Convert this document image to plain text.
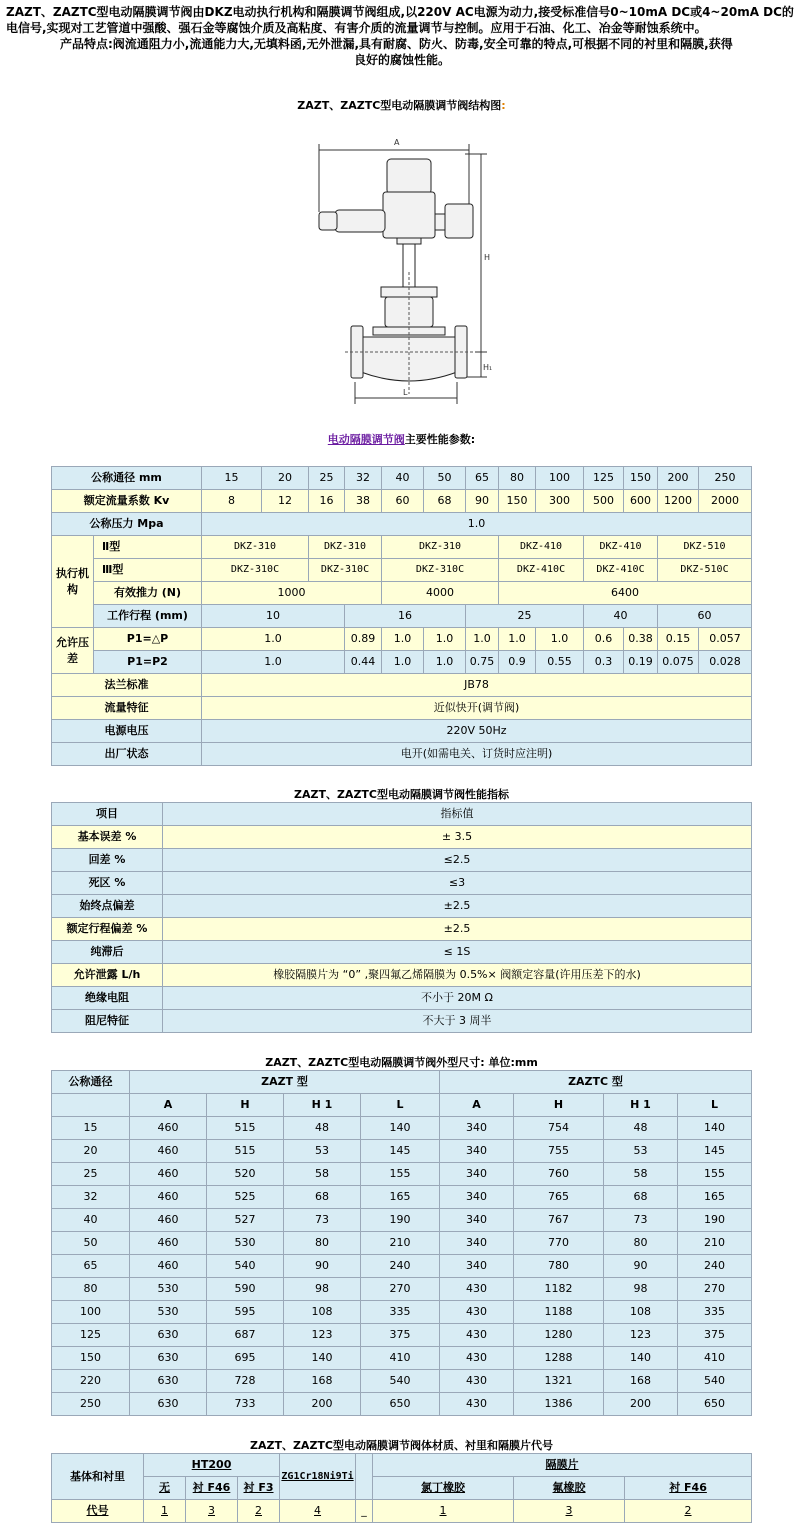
ZAZT、ZAZTC型电动隔膜调节阀由DKZ电动执行机构和隔膜调节阀组成,以220V AC电源为动力,接受标准信号0~10mA DC或4~20mA DC的电信号,实现对工艺管道中强酸、强石金等腐蚀介质及高粘度、有害介质的流量调节与控制。应用于石油、化工、冶金等耐蚀系统中。

产品特点:阀流通阻力小,流通能力大,无填料函,无外泄漏,具有耐腐、防火、防毒,安全可靠的特点,可根据不同的衬里和隔膜,获得

良好的腐蚀性能。

ZAZT、ZAZTC型电动隔膜调节阀结构图:
A
H
H₁
L
电动隔膜调节阀主要性能参数:
公称通径 mm		15	20	25	32	40	50	65	80	100	125	150	200	250
额定流量系数 Kv		8	12	16	38	60	68	90	150	300	500	600	1200	2000
公称压力 Mpa		1.0												
执行机构	Ⅱ型	DKZ-310		DKZ-310		DKZ-310			DKZ-410		DKZ-410		DKZ-510	
	Ⅲ型	DKZ-310C		DKZ-310C		DKZ-310C			DKZ-410C		DKZ-410C		DKZ-510C	
	有效推力 (N)	1000				4000			6400					
	工作行程 (mm)	10			16			25			40		60	
允许压差	P1=△P	1.0			0.89	1.0	1.0	1.0	1.0	1.0	0.6	0.38	0.15	0.057
	P1=P2	1.0			0.44	1.0	1.0	0.75	0.9	0.55	0.3	0.19	0.075	0.028
法兰标准		JB78												
流量特征		近似快开(调节阀)												
电源电压		220V 50Hz												
出厂状态		电开(如需电关、订货时应注明)												
ZAZT、ZAZTC型电动隔膜调节阀性能指标
项目	指标值
基本误差 %	± 3.5
回差 %	≤2.5
死区 %	≤3
始终点偏差	±2.5
额定行程偏差 %	±2.5
纯滞后	≤ 1S
允许泄露 L/h	橡胶隔膜片为 “0” ,聚四氟乙烯隔膜为 0.5%× 阀额定容量(许用压差下的水)
绝缘电阻	不小于 20M Ω
阻尼特征	不大于 3 周半
ZAZT、ZAZTC型电动隔膜调节阀外型尺寸: 单位:mm
公称通径	ZAZT 型				ZAZTC 型			
	A	H	H 1	L	A	H	H 1	L
15	460	515	48	140	340	754	48	140
20	460	515	53	145	340	755	53	145
25	460	520	58	155	340	760	58	155
32	460	525	68	165	340	765	68	165
40	460	527	73	190	340	767	73	190
50	460	530	80	210	340	770	80	210
65	460	540	90	240	340	780	90	240
80	530	590	98	270	430	1182	98	270
100	530	595	108	335	430	1188	108	335
125	630	687	123	375	430	1280	123	375
150	630	695	140	410	430	1288	140	410
220	630	728	168	540	430	1321	168	540
250	630	733	200	650	430	1386	200	650
ZAZT、ZAZTC型电动隔膜调节阀体材质、衬里和隔膜片代号
基体和衬里	HT200			ZG1Cr18Ni9Ti		隔膜片		
	无	衬 F46	衬 F3			氯丁橡胶	氟橡胶	衬 F46
代号	1	3	2	4	_	1	3	2
